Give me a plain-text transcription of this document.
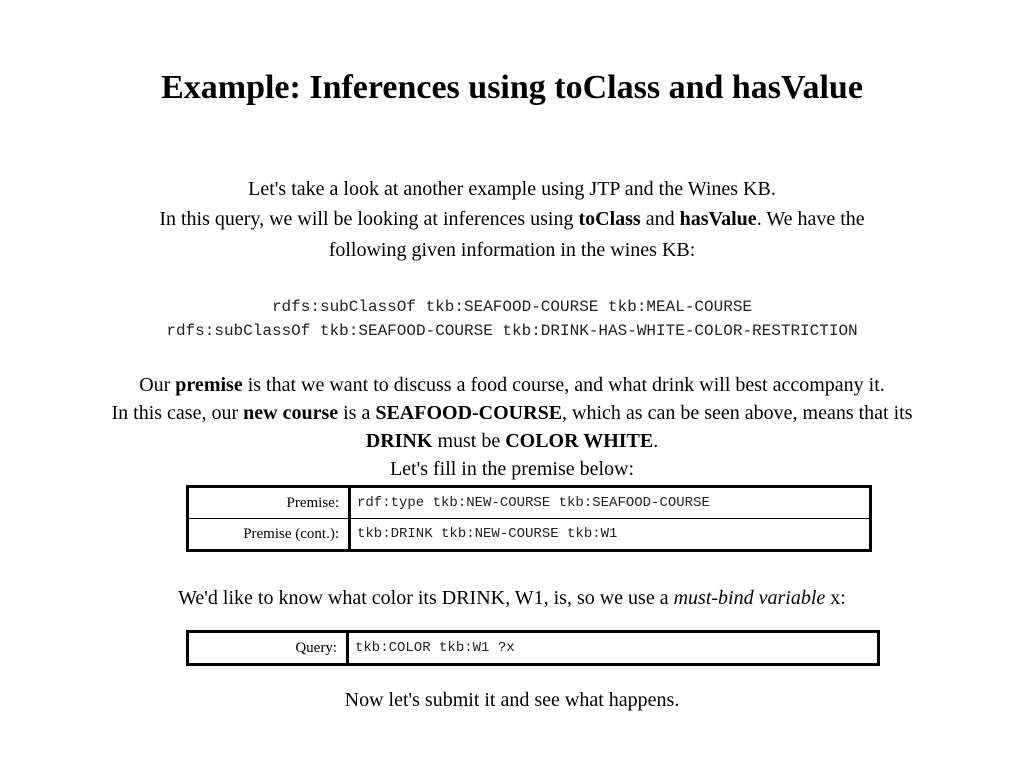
Example: Inferences using toClass and hasValue

Let's take a look at another example using JTP and the Wines KB.

In this query, we will be looking at inferences using toClass and hasValue. We have the

following given information in the wines KB:

rdfs:subClassOf tkb:SEAFOOD-COURSE tkb:MEAL-COURSE
rdfs:subClassOf tkb:SEAFOOD-COURSE tkb:DRINK-HAS-WHITE-COLOR-RESTRICTION

Our premise is that we want to discuss a food course, and what drink will best accompany it.

In this case, our new course is a SEAFOOD-COURSE, which as can be seen above, means that its

DRINK must be COLOR WHITE.

Let's fill in the premise below:

Premise:	rdf:type tkb:NEW-COURSE tkb:SEAFOOD-COURSE
Premise (cont.):	tkb:DRINK tkb:NEW-COURSE tkb:W1

We'd like to know what color its DRINK, W1, is, so we use a must-bind variable x:

Query:	tkb:COLOR tkb:W1 ?x

Now let's submit it and see what happens.
